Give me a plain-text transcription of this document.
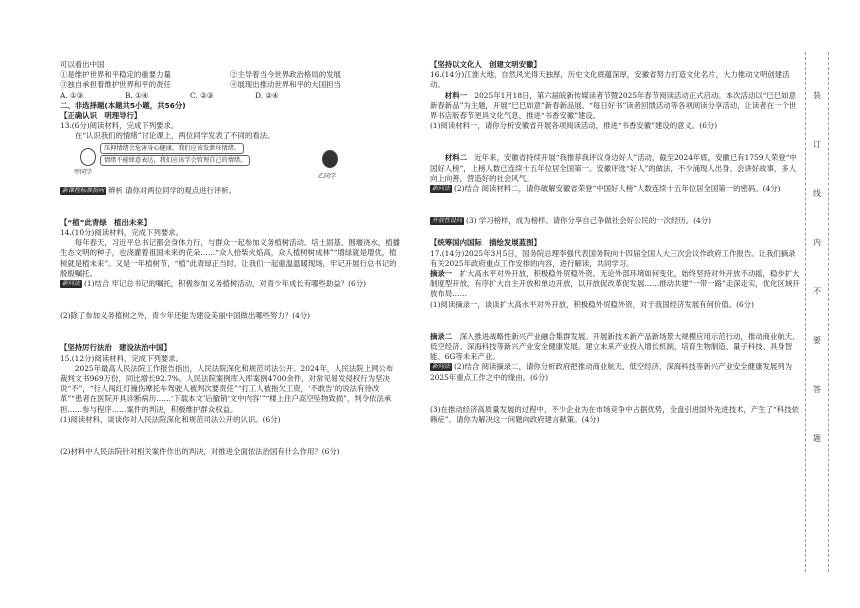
可以看出中国

①是维护世界和平稳定的重要力量	②主导着当今世界政治格局的发展

③独自承担着维护世界和平的责任	④展现出推动世界和平的大国担当

A. ①③	B. ①④	C. ②③	D. ②④

二、非选择题(本题共5小题，共56分)

【正确认识　明理导行】

13.(6分)阅读材料，完成下列要求。

在“认识我们的情绪”讨论课上，两位同学发表了不同的看法。

甲同学
压抑情绪会危害身心健康，我们应该发泄坏情绪。
情绪不能肆意表达，我们应该学会管理自己的情绪。
乙同学

新课程标准指向 辨析 请你对两位同学的观点进行评析。

【“植”此青绿　植出未来】

14.(10分)阅读材料，完成下列要求。

每年春天，习近平总书记都会身体力行，与群众一起参加义务植树活动。培土固基、围堰浇水，植播生态文明的种子，也浇灌着祖国未来的花朵……“众人拾柴火焰高，众人植树树成林”“增绿就是增优，植树就是植未来”。又是一年植树节，“植”此青绿正当时。让我们一起重温温暖现场，牢记开展行总书记的殷殷嘱托。

新问法 (1)结合 牢记总书记的嘱托，积极参加义务植树活动，对青少年成长有哪些助益？(6分)

(2)除了参加义务植树之外，青少年还能为建设美丽中国做出哪些努力？(4分)

【坚持厉行法治　建设法治中国】

15.(12分)阅读材料，完成下列要求。

2025年最高人民法院工作报告指出，人民法院深化和规范司法公开。2024年，人民法院上网公布裁判文书969万份，同比增长92.7%。人民法院案例库入库案例4700余件，对常见易发侵权行为坚决说“不”，“行人闯红灯撞伤摩托车驾驶人被判次要责任”“打工人被拖欠工资，‘不敢告’的说法有待改革”“患者在医院开具诊断病历……‘下载本文’后撤销‘文中内容’”“楼上住户高空坠物致损”，判令依法承担……参与程序……案件的判决，积极维护群众权益。

(1)阅读材料，谈谈你对人民法院深化和规范司法公开的认识。(6分)

(2)材料中人民法院针对相关案件作出的判决，对推进全面依法治国有什么作用？(6分)

【坚持以文化人　创建文明安徽】

16.(14分)江淮大地，自然风光得天独厚，历史文化底蕴深厚，安徽省努力打造文化名片，大力推动文明创建活动。

材料一　 2025年1月18日，第六届皖新传媒读者节暨2025年春节阅读活动正式启动。本次活动以“巳巳如意 新春新品”为主题，开展“巳巳如意”新春新品展、“每日好书”读者回馈活动等各项阅读分享活动，让读者在一个世界书店版春节更具文化气息，推进“书香安徽”建设。

(1)阅读材料一，请你分析安徽省开展各项阅读活动，推进“书香安徽”建设的意义。(6分)

材料二　 近年来，安徽省持续开展“我推荐我评议身边好人”活动，截至2024年底，安徽已有1759人荣登“中国好人榜”，上榜人数已连续十五年位居全国第一。安徽评选“好人”的做法，不少涌现人出身、会讲好故事，多人向上向善，营造好的社会风气。

新问法 (2)结合 阅读材料二，请你破解安徽省荣登“中国好人榜”人数连续十五年位居全国第一的密码。(4分)

开放性设问 (3) 学习榜样，成为榜样。请你分享自己争做社会好公民的一次经历。(4分)

【统筹国内国际　描绘发展蓝图】

17.(14分)2025年3月5日，国务院总理李强代表国务院向十四届全国人大三次会议作政府工作报告。让我们摘录有关2025年政府重点工作安排的内容，进行解读，共同学习。

摘录一　 扩大高水平对外开放，积极稳外贸稳外资。无论外部环境如何变化，始终坚持对外开放不动摇，稳步扩大制度型开放，有序扩大自主开放和单边开放，以开放促改革促发展……推动共建“一带一路”走深走实，优化区域开放布局……

(1)阅读摘录一，谈谈扩大高水平对外开放，积极稳外贸稳外资，对于我国经济发展有何价值。(6分)

摘录二　 深入推进战略性新兴产业融合集群发展。开展新技术新产品新场景大规模应用示范行动，推动商业航天、低空经济、深海科技等新兴产业安全健康发展。建立未来产业投入增长机制，培育生物制造、量子科技、具身智能、6G等未来产业。

新问法 (2)结合 阅读摘录二，请你分析政府把推动商业航天、低空经济、深海科技等新兴产业安全健康发展列为2025年重点工作之中的缘由。(6分)

(3)在推动经济高质量发展的过程中，不少企业为在市场竞争中占据优势，全盘引进国外先进技术，产生了“科技依赖症”。请你为解决这一问题向政府建言献策。(4分)

装
订
线
内
不
要
答
题
